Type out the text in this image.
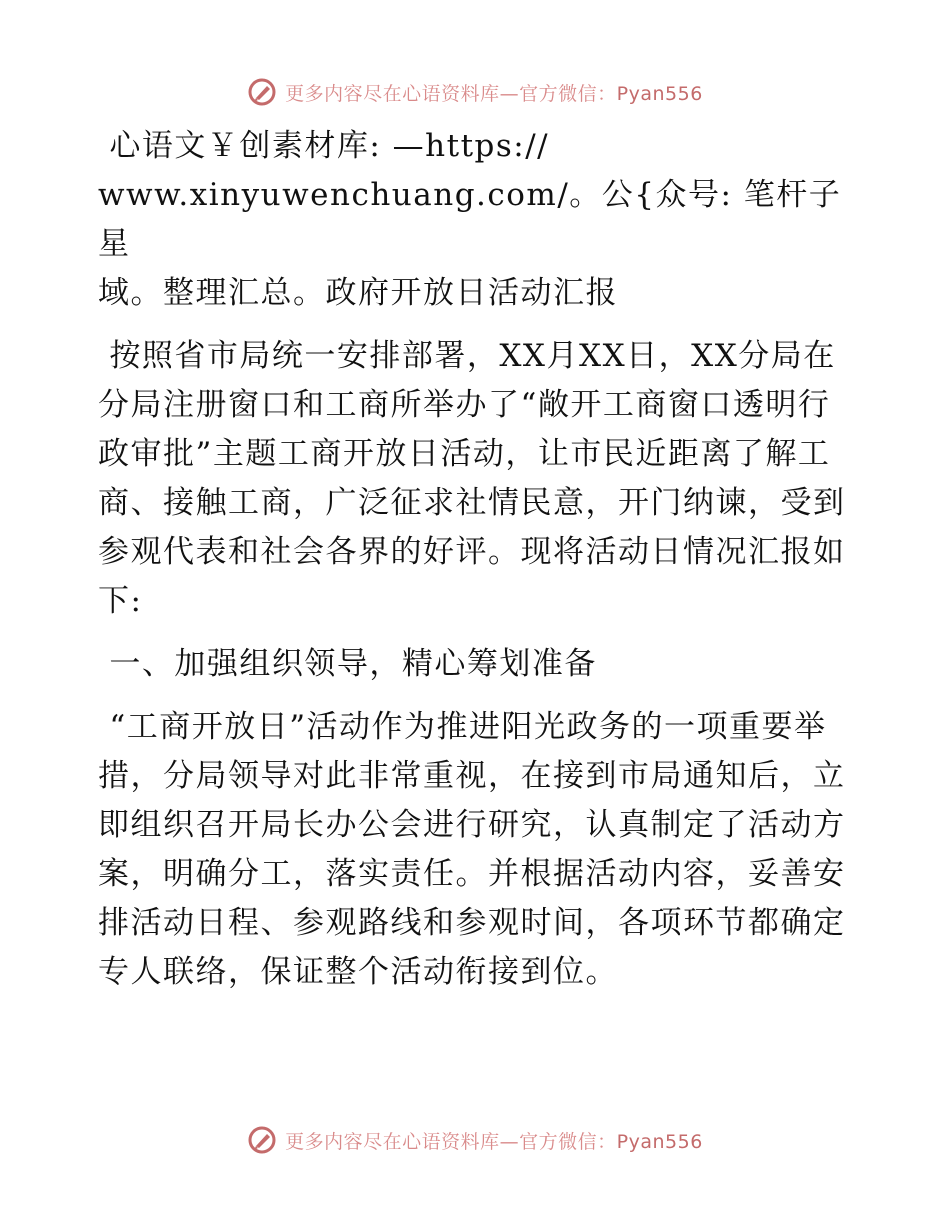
更多内容尽在心语资料库—官方微信：Pyan556

心语文￥创素材库: —https://

www.xinyuwenchuang.com/。公{众号: 笔杆子星

域。整理汇总。政府开放日活动汇报

按照省市局统一安排部署，XX月XX日，XX分局在分局注册窗口和工商所举办了“敞开工商窗口透明行政审批”主题工商开放日活动，让市民近距离了解工商、接触工商，广泛征求社情民意，开门纳谏，受到参观代表和社会各界的好评。现将活动日情况汇报如下:

一、加强组织领导，精心筹划准备

“工商开放日”活动作为推进阳光政务的一项重要举措，分局领导对此非常重视，在接到市局通知后，立即组织召开局长办公会进行研究，认真制定了活动方案，明确分工，落实责任。并根据活动内容，妥善安排活动日程、参观路线和参观时间，各项环节都确定专人联络，保证整个活动衔接到位。

更多内容尽在心语资料库—官方微信：Pyan556
